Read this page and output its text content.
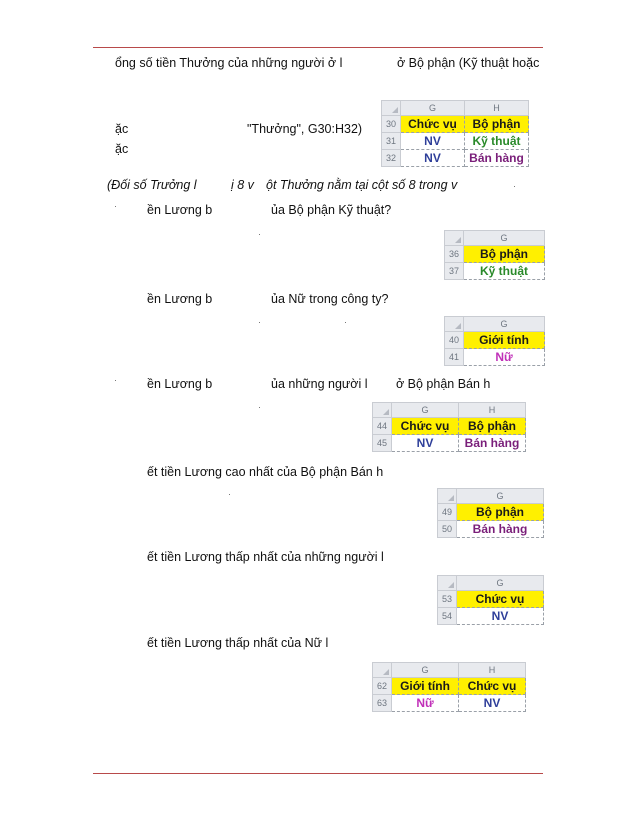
ổng số tiền Thưởng của những người ở l	ở Bộ phận (Kỹ thuật hoặc
ặc	"Thưởng", G30:H32)
ặc
(Đối số Trưởng l	ị 8 v ột Thưởng nằm tại cột số 8 trong v
ền Lương b	ủa Bộ phận Kỹ thuật?
ền Lương b	ủa Nữ trong công ty?
ền Lương b	ủa những người l ở Bộ phận Bán h
ết tiền Lương cao nhất của Bộ phận Bán h
ết tiền Lương thấp nhất của những người l
ết tiền Lương thấp nhất của Nữ l
	G	H
30	Chức vụ	Bộ phận
31	NV	Kỹ thuật
32	NV	Bán hàng
	G
36	Bộ phận
37	Kỹ thuật
	G
40	Giới tính
41	Nữ
	G	H
44	Chức vụ	Bộ phận
45	NV	Bán hàng
	G
49	Bộ phận
50	Bán hàng
	G
53	Chức vụ
54	NV
	G	H
62	Giới tính	Chức vụ
63	Nữ	NV
